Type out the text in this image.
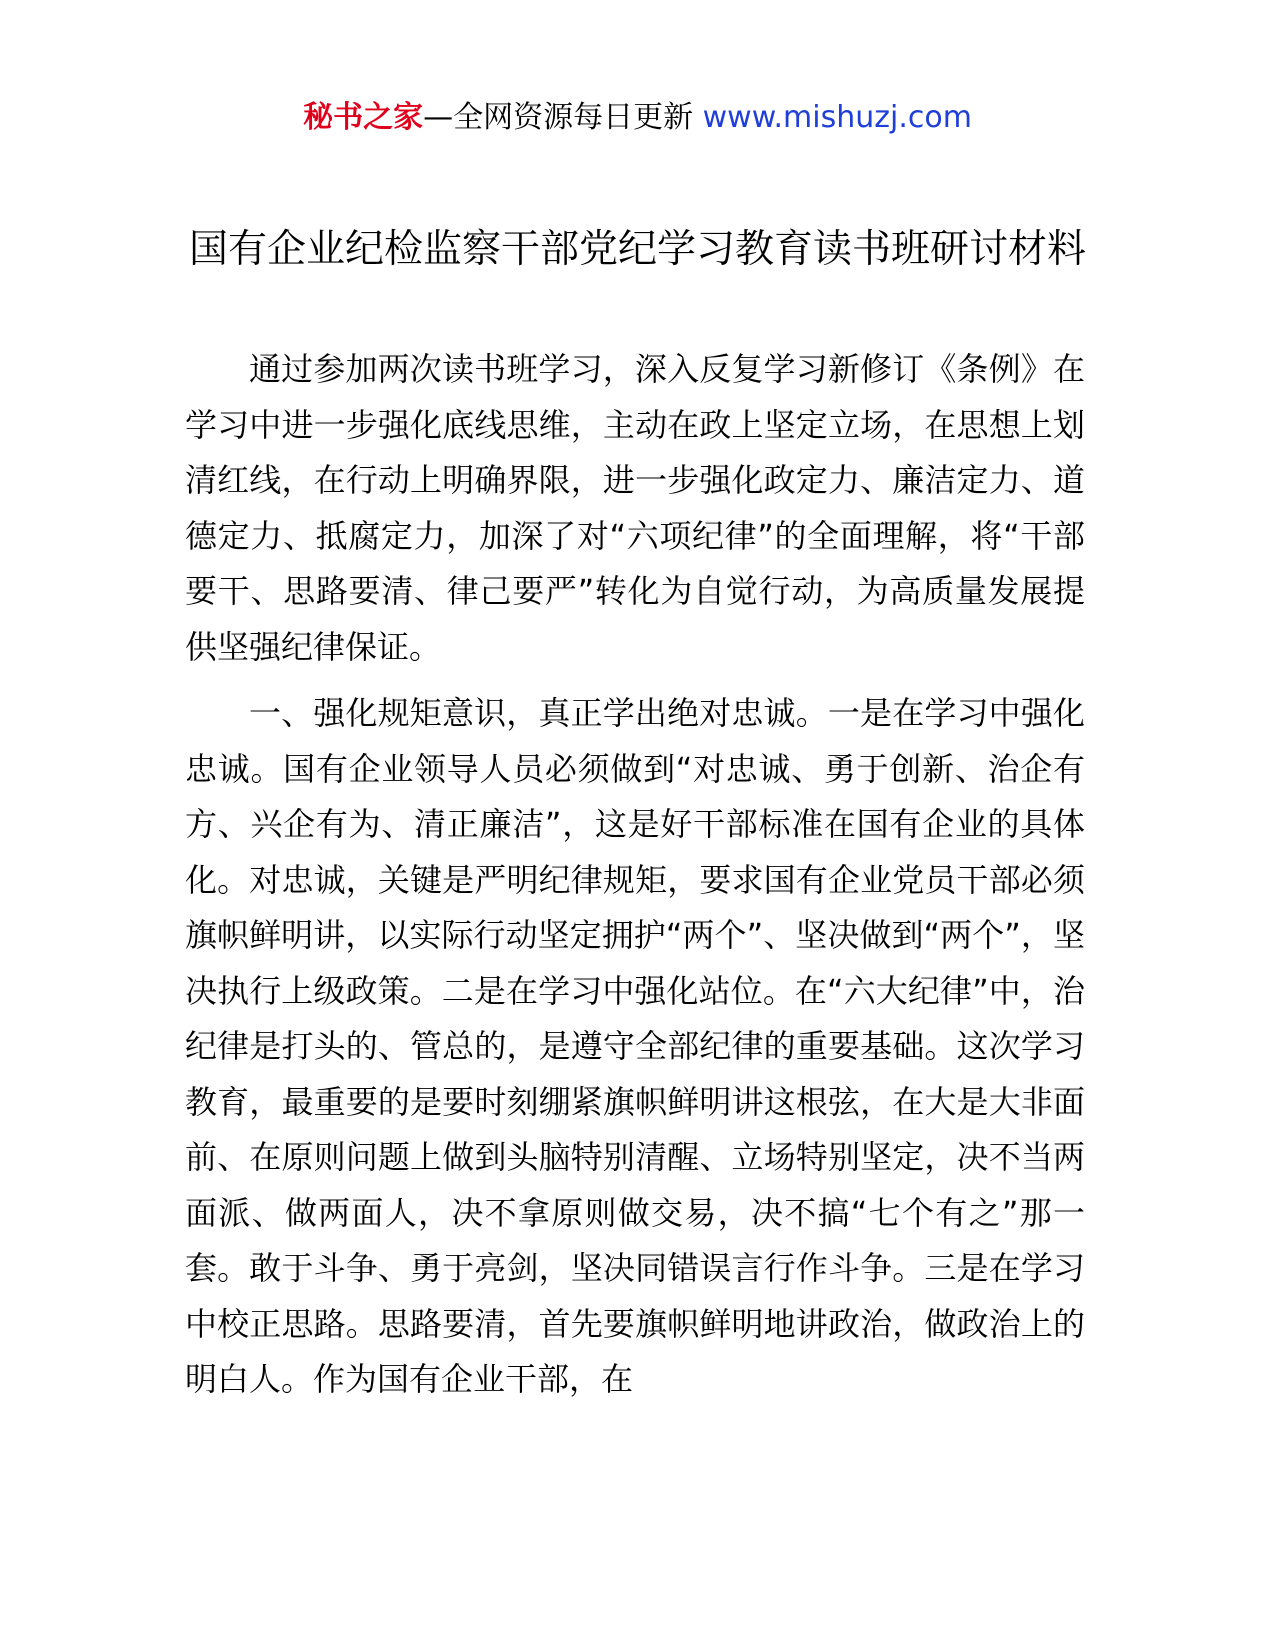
秘书之家—全网资源每日更新 www.mishuzj.com
国有企业纪检监察干部党纪学习教育读书班研讨材料

通过参加两次读书班学习，深入反复学习新修订《条例》在学习中进一步强化底线思维，主动在政上坚定立场，在思想上划清红线，在行动上明确界限，进一步强化政定力、廉洁定力、道德定力、抵腐定力，加深了对“六项纪律”的全面理解，将“干部要干、思路要清、律己要严”转化为自觉行动，为高质量发展提供坚强纪律保证。

一、强化规矩意识，真正学出绝对忠诚。一是在学习中强化忠诚。国有企业领导人员必须做到“对忠诚、勇于创新、治企有方、兴企有为、清正廉洁”，这是好干部标准在国有企业的具体化。对忠诚，关键是严明纪律规矩，要求国有企业党员干部必须旗帜鲜明讲，以实际行动坚定拥护“两个”、坚决做到“两个”，坚决执行上级政策。二是在学习中强化站位。在“六大纪律”中，治纪律是打头的、管总的，是遵守全部纪律的重要基础。这次学习教育，最重要的是要时刻绷紧旗帜鲜明讲这根弦，在大是大非面前、在原则问题上做到头脑特别清醒、立场特别坚定，决不当两面派、做两面人，决不拿原则做交易，决不搞“七个有之”那一套。敢于斗争、勇于亮剑，坚决同错误言行作斗争。三是在学习中校正思路。思路要清，首先要旗帜鲜明地讲政治，做政治上的明白人。作为国有企业干部，在
